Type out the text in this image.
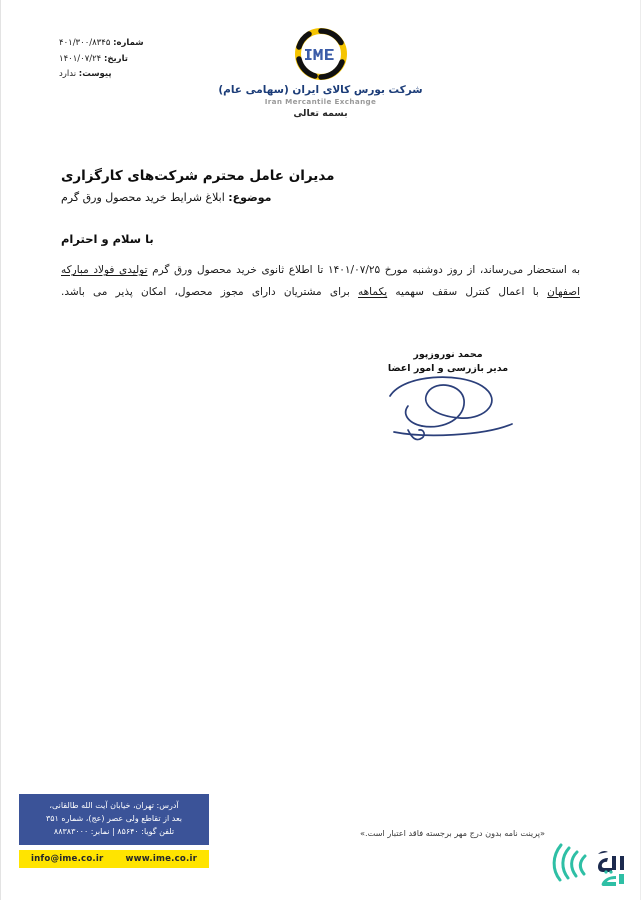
شماره: ۴۰۱/۳۰۰/۸۳۴۵
تاریخ: ۱۴۰۱/۰۷/۲۴
پیوست: ندارد
شرکت بورس کالای ایران (سهامی عام)
Iran Mercantile Exchange
بسمه تعالی
مدیران عامل محترم شرکت‌های کارگزاری
موضوع: ابلاغ شرایط خرید محصول ورق گرم
با سلام و احترام

به استحضار می‌رساند، از روز دوشنبه مورخ ۱۴۰۱/۰۷/۲۵ تا اطلاع ثانوی خرید محصول ورق گرم تولیدی فولاد مبارکه اصفهان با اعمال کنترل سقف سهمیه یکماهه برای مشتریان دارای مجوز محصول، امکان پذیر می باشد.

محمد نوروزپور
مدیر بازرسی و امور اعضا
«پرینت نامه بدون درج مهر برجسته فاقد اعتبار است.»
آدرس: تهران، خیابان آیت الله طالقانی،
بعد از تقاطع ولی عصر (عج)، شماره ۳۵۱
تلفن گویا: ۸۵۶۴۰ | نمابر: ۸۸۳۸۳۰۰۰
info@ime.co.ir	www.ime.co.ir
